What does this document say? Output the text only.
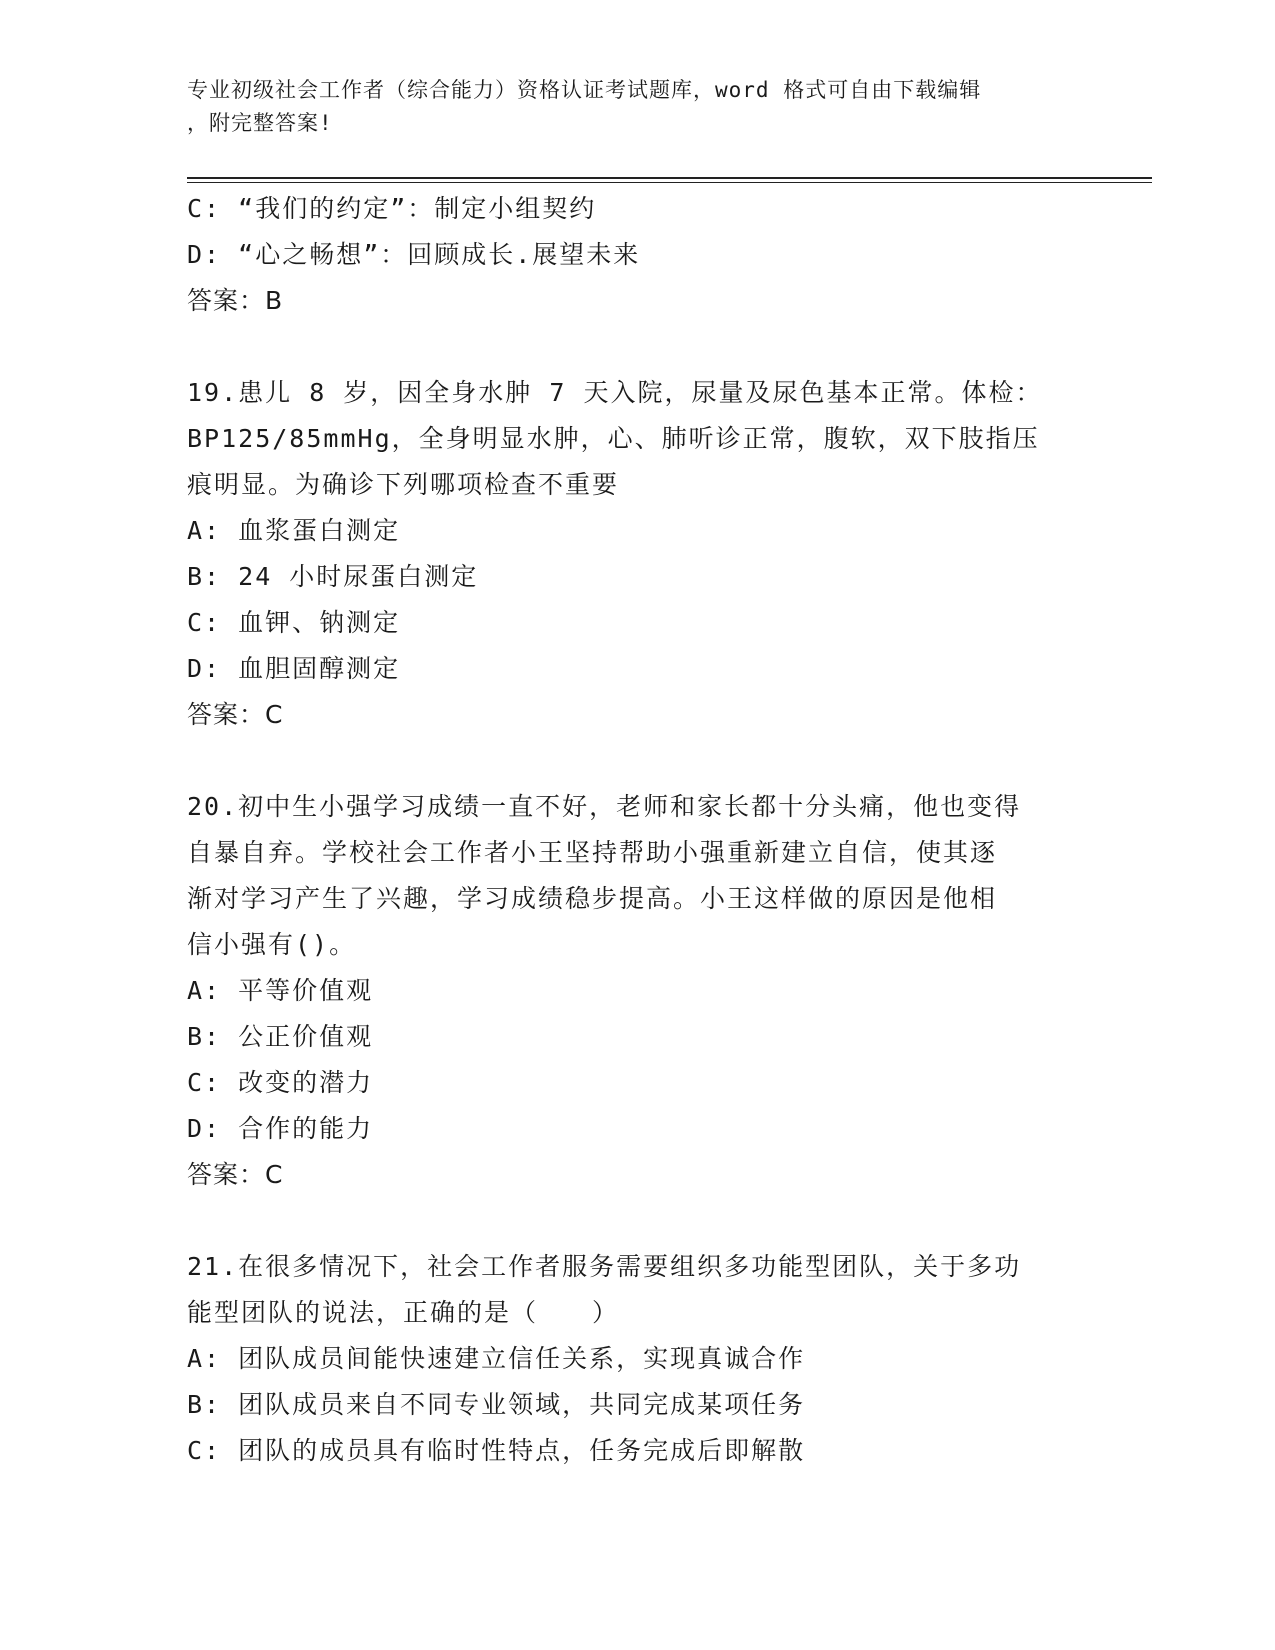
专业初级社会工作者（综合能力）资格认证考试题库，word 格式可自由下载编辑
，附完整答案!
C: “我们的约定”：制定小组契约
D: “心之畅想”：回顾成长.展望未来
答案：B
19.患儿 8 岁，因全身水肿 7 天入院，尿量及尿色基本正常。体检：
BP125/85mmHg，全身明显水肿，心、肺听诊正常，腹软，双下肢指压
痕明显。为确诊下列哪项检查不重要
A: 血浆蛋白测定
B: 24 小时尿蛋白测定
C: 血钾、钠测定
D: 血胆固醇测定
答案：C
20.初中生小强学习成绩一直不好，老师和家长都十分头痛，他也变得
自暴自弃。学校社会工作者小王坚持帮助小强重新建立自信，使其逐
渐对学习产生了兴趣，学习成绩稳步提高。小王这样做的原因是他相
信小强有()。
A: 平等价值观
B: 公正价值观
C: 改变的潜力
D: 合作的能力
答案：C
21.在很多情况下，社会工作者服务需要组织多功能型团队，关于多功
能型团队的说法，正确的是（　　）
A: 团队成员间能快速建立信任关系，实现真诚合作
B: 团队成员来自不同专业领域，共同完成某项任务
C: 团队的成员具有临时性特点，任务完成后即解散
